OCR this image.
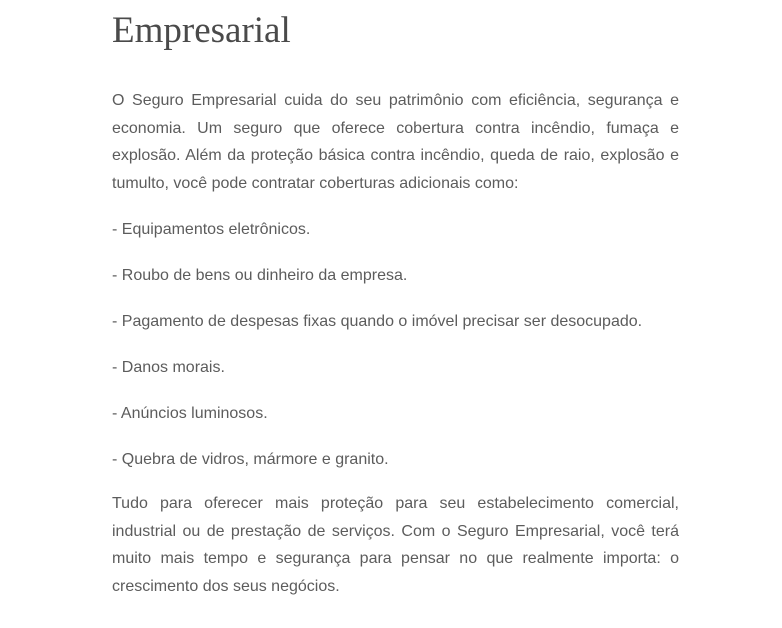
Empresarial

O Seguro Empresarial cuida do seu patrimônio com eficiência, segurança e economia. Um seguro que oferece cobertura contra incêndio, fumaça e explosão. Além da proteção básica contra incêndio, queda de raio, explosão e tumulto, você pode contratar coberturas adicionais como:

- Equipamentos eletrônicos.
- Roubo de bens ou dinheiro da empresa.
- Pagamento de despesas fixas quando o imóvel precisar ser desocupado.
- Danos morais.
- Anúncios luminosos.
- Quebra de vidros, mármore e granito.

Tudo para oferecer mais proteção para seu estabelecimento comercial, industrial ou de prestação de serviços. Com o Seguro Empresarial, você terá muito mais tempo e segurança para pensar no que realmente importa: o crescimento dos seus negócios.
